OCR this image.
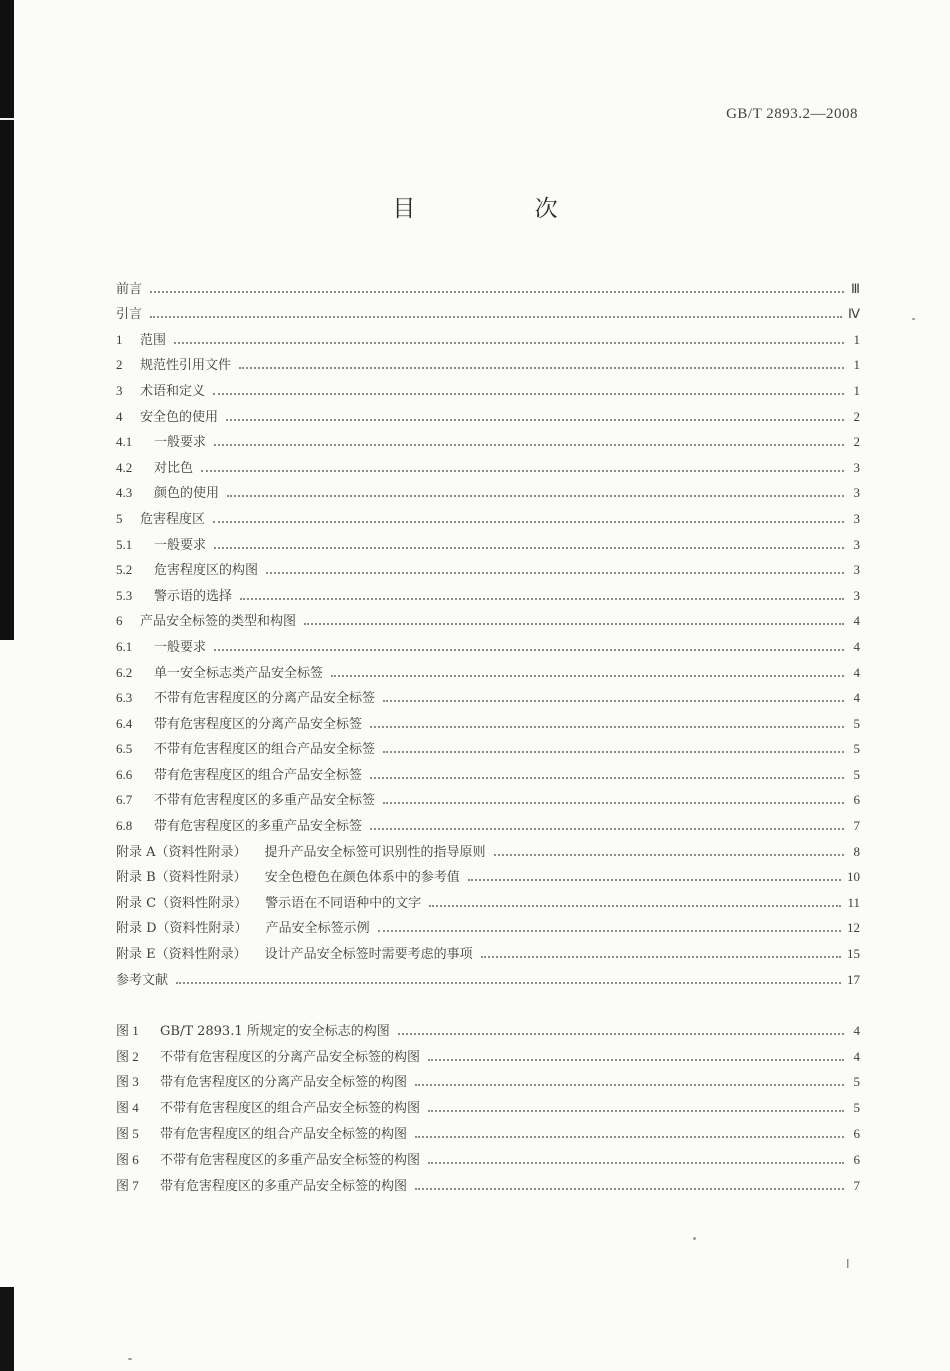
GB/T 2893.2—2008
目 次
前言	Ⅲ
引言	Ⅳ
1	范围	1
2	规范性引用文件	1
3	术语和定义	1
4	安全色的使用	2
4.1	一般要求	2
4.2	对比色	3
4.3	颜色的使用	3
5	危害程度区	3
5.1	一般要求	3
5.2	危害程度区的构图	3
5.3	警示语的选择	3
6	产品安全标签的类型和构图	4
6.1	一般要求	4
6.2	单一安全标志类产品安全标签	4
6.3	不带有危害程度区的分离产品安全标签	4
6.4	带有危害程度区的分离产品安全标签	5
6.5	不带有危害程度区的组合产品安全标签	5
6.6	带有危害程度区的组合产品安全标签	5
6.7	不带有危害程度区的多重产品安全标签	6
6.8	带有危害程度区的多重产品安全标签	7
附录 A（资料性附录）	提升产品安全标签可识别性的指导原则	8
附录 B（资料性附录）	安全色橙色在颜色体系中的参考值	10
附录 C（资料性附录）	警示语在不同语种中的文字	11
附录 D（资料性附录）	产品安全标签示例	12
附录 E（资料性附录）	设计产品安全标签时需要考虑的事项	15
参考文献	17
图 1	GB/T 2893.1 所规定的安全标志的构图	4
图 2	不带有危害程度区的分离产品安全标签的构图	4
图 3	带有危害程度区的分离产品安全标签的构图	5
图 4	不带有危害程度区的组合产品安全标签的构图	5
图 5	带有危害程度区的组合产品安全标签的构图	6
图 6	不带有危害程度区的多重产品安全标签的构图	6
图 7	带有危害程度区的多重产品安全标签的构图	7
Ⅰ
